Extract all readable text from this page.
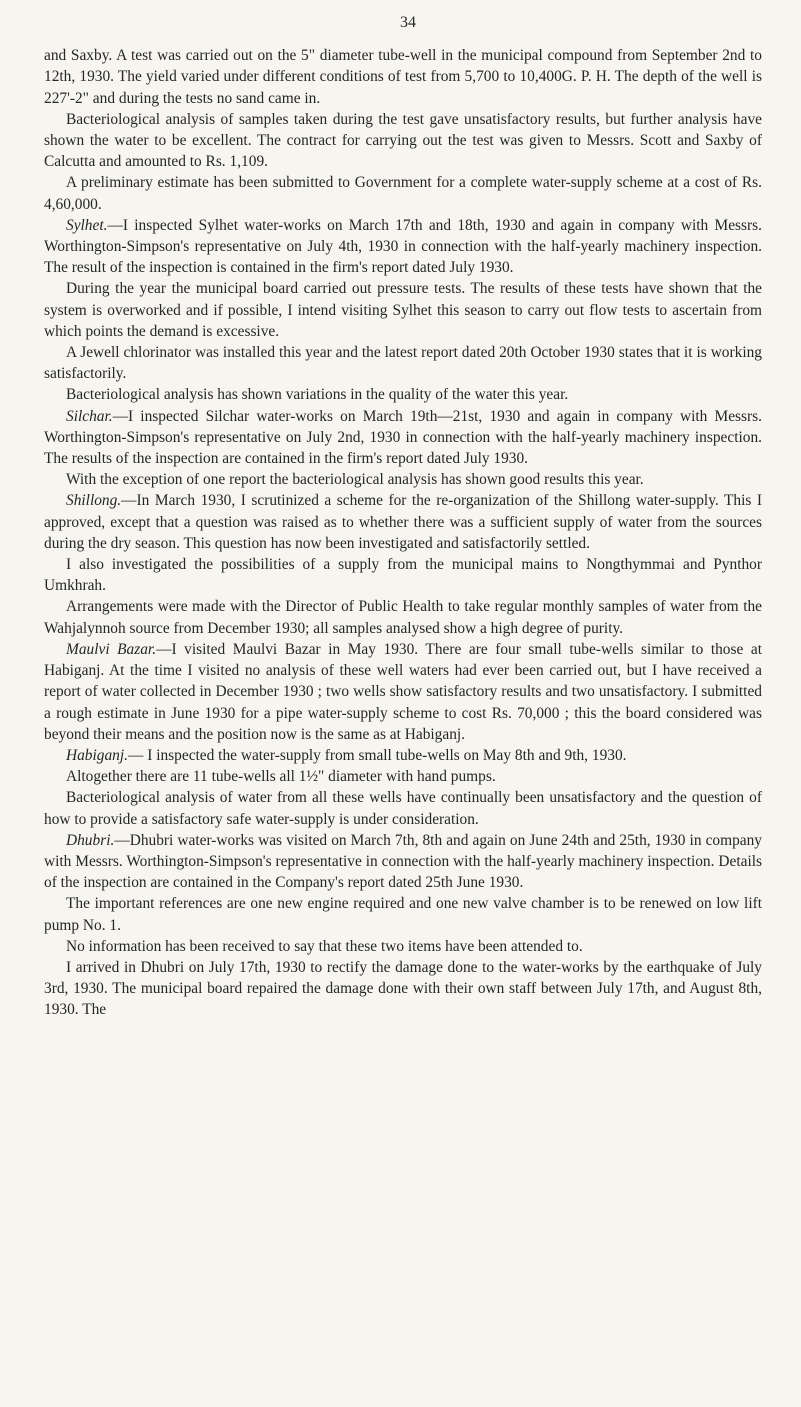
34

and Saxby. A test was carried out on the 5" diameter tube-well in the municipal compound from September 2nd to 12th, 1930. The yield varied under different conditions of test from 5,700 to 10,400G. P. H. The depth of the well is 227'-2" and during the tests no sand came in.

Bacteriological analysis of samples taken during the test gave unsatisfactory results, but further analysis have shown the water to be excellent. The contract for carrying out the test was given to Messrs. Scott and Saxby of Calcutta and amounted to Rs. 1,109.

A preliminary estimate has been submitted to Government for a complete water-supply scheme at a cost of Rs. 4,60,000.

Sylhet.—I inspected Sylhet water-works on March 17th and 18th, 1930 and again in company with Messrs. Worthington-Simpson's representative on July 4th, 1930 in connection with the half-yearly machinery inspection. The result of the inspection is contained in the firm's report dated July 1930.

During the year the municipal board carried out pressure tests. The results of these tests have shown that the system is overworked and if possible, I intend visiting Sylhet this season to carry out flow tests to ascertain from which points the demand is excessive.

A Jewell chlorinator was installed this year and the latest report dated 20th October 1930 states that it is working satisfactorily.

Bacteriological analysis has shown variations in the quality of the water this year.

Silchar.—I inspected Silchar water-works on March 19th—21st, 1930 and again in company with Messrs. Worthington-Simpson's representative on July 2nd, 1930 in connection with the half-yearly machinery inspection. The results of the inspection are contained in the firm's report dated July 1930.

With the exception of one report the bacteriological analysis has shown good results this year.

Shillong.—In March 1930, I scrutinized a scheme for the re-organization of the Shillong water-supply. This I approved, except that a question was raised as to whether there was a sufficient supply of water from the sources during the dry season. This question has now been investigated and satisfactorily settled.

I also investigated the possibilities of a supply from the municipal mains to Nongthymmai and Pynthor Umkhrah.

Arrangements were made with the Director of Public Health to take regular monthly samples of water from the Wahjalynnoh source from December 1930; all samples analysed show a high degree of purity.

Maulvi Bazar.—I visited Maulvi Bazar in May 1930. There are four small tube-wells similar to those at Habiganj. At the time I visited no analysis of these well waters had ever been carried out, but I have received a report of water collected in December 1930 ; two wells show satisfactory results and two unsatisfactory. I submitted a rough estimate in June 1930 for a pipe water-supply scheme to cost Rs. 70,000 ; this the board considered was beyond their means and the position now is the same as at Habiganj.

Habiganj.— I inspected the water-supply from small tube-wells on May 8th and 9th, 1930.

Altogether there are 11 tube-wells all 1½" diameter with hand pumps.

Bacteriological analysis of water from all these wells have continually been unsatisfactory and the question of how to provide a satisfactory safe water-supply is under consideration.

Dhubri.—Dhubri water-works was visited on March 7th, 8th and again on June 24th and 25th, 1930 in company with Messrs. Worthington-Simpson's representative in connection with the half-yearly machinery inspection. Details of the inspection are contained in the Company's report dated 25th June 1930.

The important references are one new engine required and one new valve chamber is to be renewed on low lift pump No. 1.

No information has been received to say that these two items have been attended to.

I arrived in Dhubri on July 17th, 1930 to rectify the damage done to the water-works by the earthquake of July 3rd, 1930. The municipal board repaired the damage done with their own staff between July 17th, and August 8th, 1930. The
